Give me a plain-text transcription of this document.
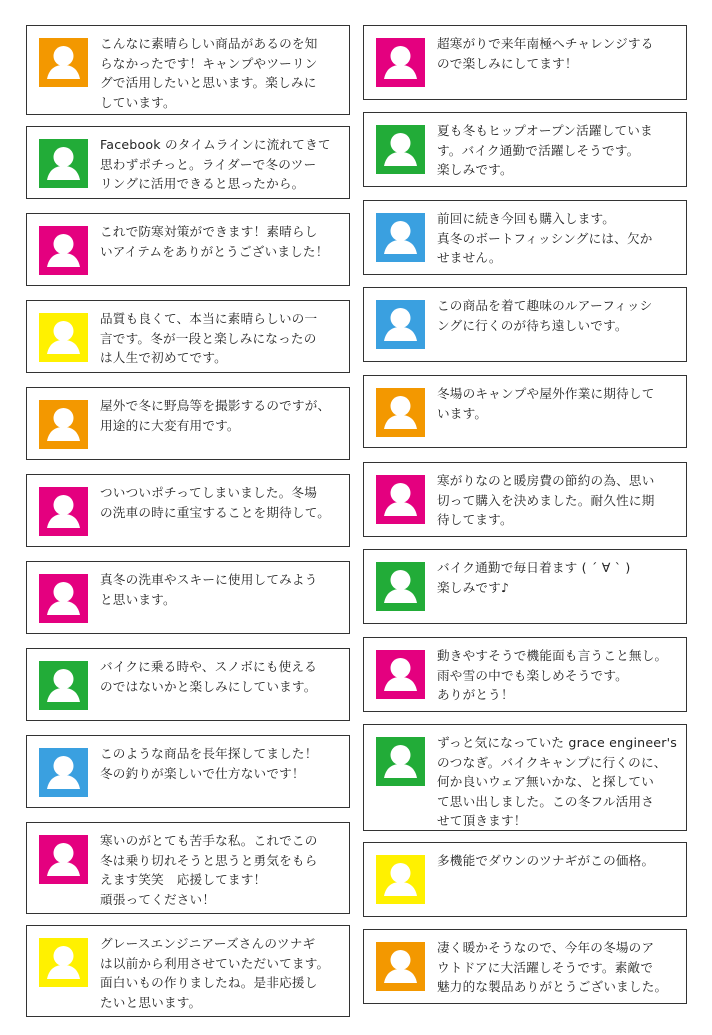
こんなに素晴らしい商品があるのを知
らなかったです！キャンプやツーリン
グで活用したいと思います。楽しみに
しています。

Facebook のタイムラインに流れてきて
思わずポチっと。ライダーで冬のツー
リングに活用できると思ったから。

これで防寒対策ができます！素晴らし
いアイテムをありがとうございました！

品質も良くて、本当に素晴らしいの一
言です。冬が一段と楽しみになったの
は人生で初めてです。

屋外で冬に野鳥等を撮影するのですが、
用途的に大変有用です。

ついついポチってしまいました。冬場
の洗車の時に重宝することを期待して。

真冬の洗車やスキーに使用してみよう
と思います。

バイクに乗る時や、スノボにも使える
のではないかと楽しみにしています。

このような商品を長年探してました！
冬の釣りが楽しいで仕方ないです！

寒いのがとても苦手な私。これでこの
冬は乗り切れそうと思うと勇気をもら
えます笑笑　応援してます！
頑張ってください！

グレースエンジニアーズさんのツナギ
は以前から利用させていただいてます。
面白いもの作りましたね。是非応援し
たいと思います。

超寒がりで来年南極へチャレンジする
ので楽しみにしてます！

夏も冬もヒップオープン活躍していま
す。バイク通勤で活躍しそうです。
楽しみです。

前回に続き今回も購入します。
真冬のボートフィッシングには、欠か
せません。

この商品を着て趣味のルアーフィッシ
ングに行くのが待ち遠しいです。

冬場のキャンプや屋外作業に期待して
います。

寒がりなのと暖房費の節約の為、思い
切って購入を決めました。耐久性に期
待してます。

バイク通勤で毎日着ます ( ´ ∀ ` )
楽しみです♪

動きやすそうで機能面も言うこと無し。
雨や雪の中でも楽しめそうです。
ありがとう！

ずっと気になっていた grace engineer's
のつなぎ。バイクキャンプに行くのに、
何か良いウェア無いかな、と探してい
て思い出しました。この冬フル活用さ
せて頂きます！

多機能でダウンのツナギがこの価格。

凄く暖かそうなので、今年の冬場のア
ウトドアに大活躍しそうです。素敵で
魅力的な製品ありがとうございました。
